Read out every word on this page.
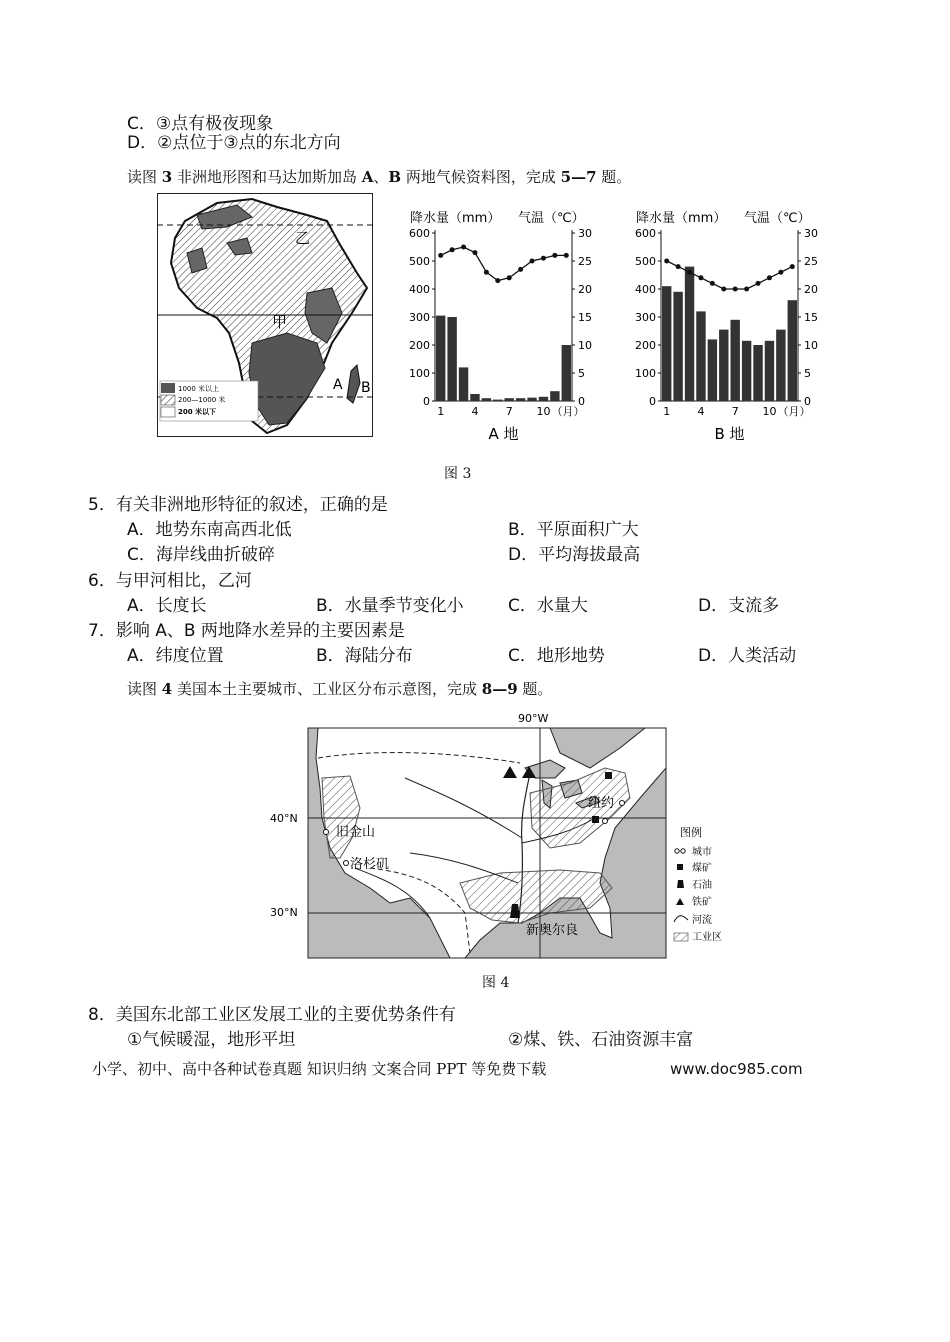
C．③点有极夜现象
D．②点位于③点的东北方向
读图 3 非洲地形图和马达加斯加岛 A、B 两地气候资料图，完成 5—7 题。
乙
甲
A B
1000 米以上
200—1000 米
200 米以下
降水量（mm） 气温（℃）
0
100
200
300
400
500
600
0
5
10
15
20
25
30
1 4 7 10 （月）
A 地
降水量（mm） 气温（℃）
0
100
200
300
400
500
600
0
5
10
15
20
25
30
1 4 7 10 （月）
B 地
图 3
5．有关非洲地形特征的叙述，正确的是
A．地势东南高西北低	B．平原面积广大
C．海岸线曲折破碎	D．平均海拔最高
6．与甲河相比，乙河
A．长度长	B．水量季节变化小	C．水量大	D．支流多
7．影响 A、B 两地降水差异的主要因素是
A．纬度位置	B．海陆分布	C．地形地势	D．人类活动
读图 4 美国本土主要城市、工业区分布示意图，完成 8—9 题。
90°W
40°N
30°N
纽约
旧金山
洛杉矶
新奥尔良
图例
城市
煤矿
石油
铁矿
河流
工业区
图 4
8．美国东北部工业区发展工业的主要优势条件有
①气候暖湿，地形平坦	②煤、铁、石油资源丰富
小学、初中、高中各种试卷真题 知识归纳 文案合同 PPT 等免费下载	www.doc985.com
